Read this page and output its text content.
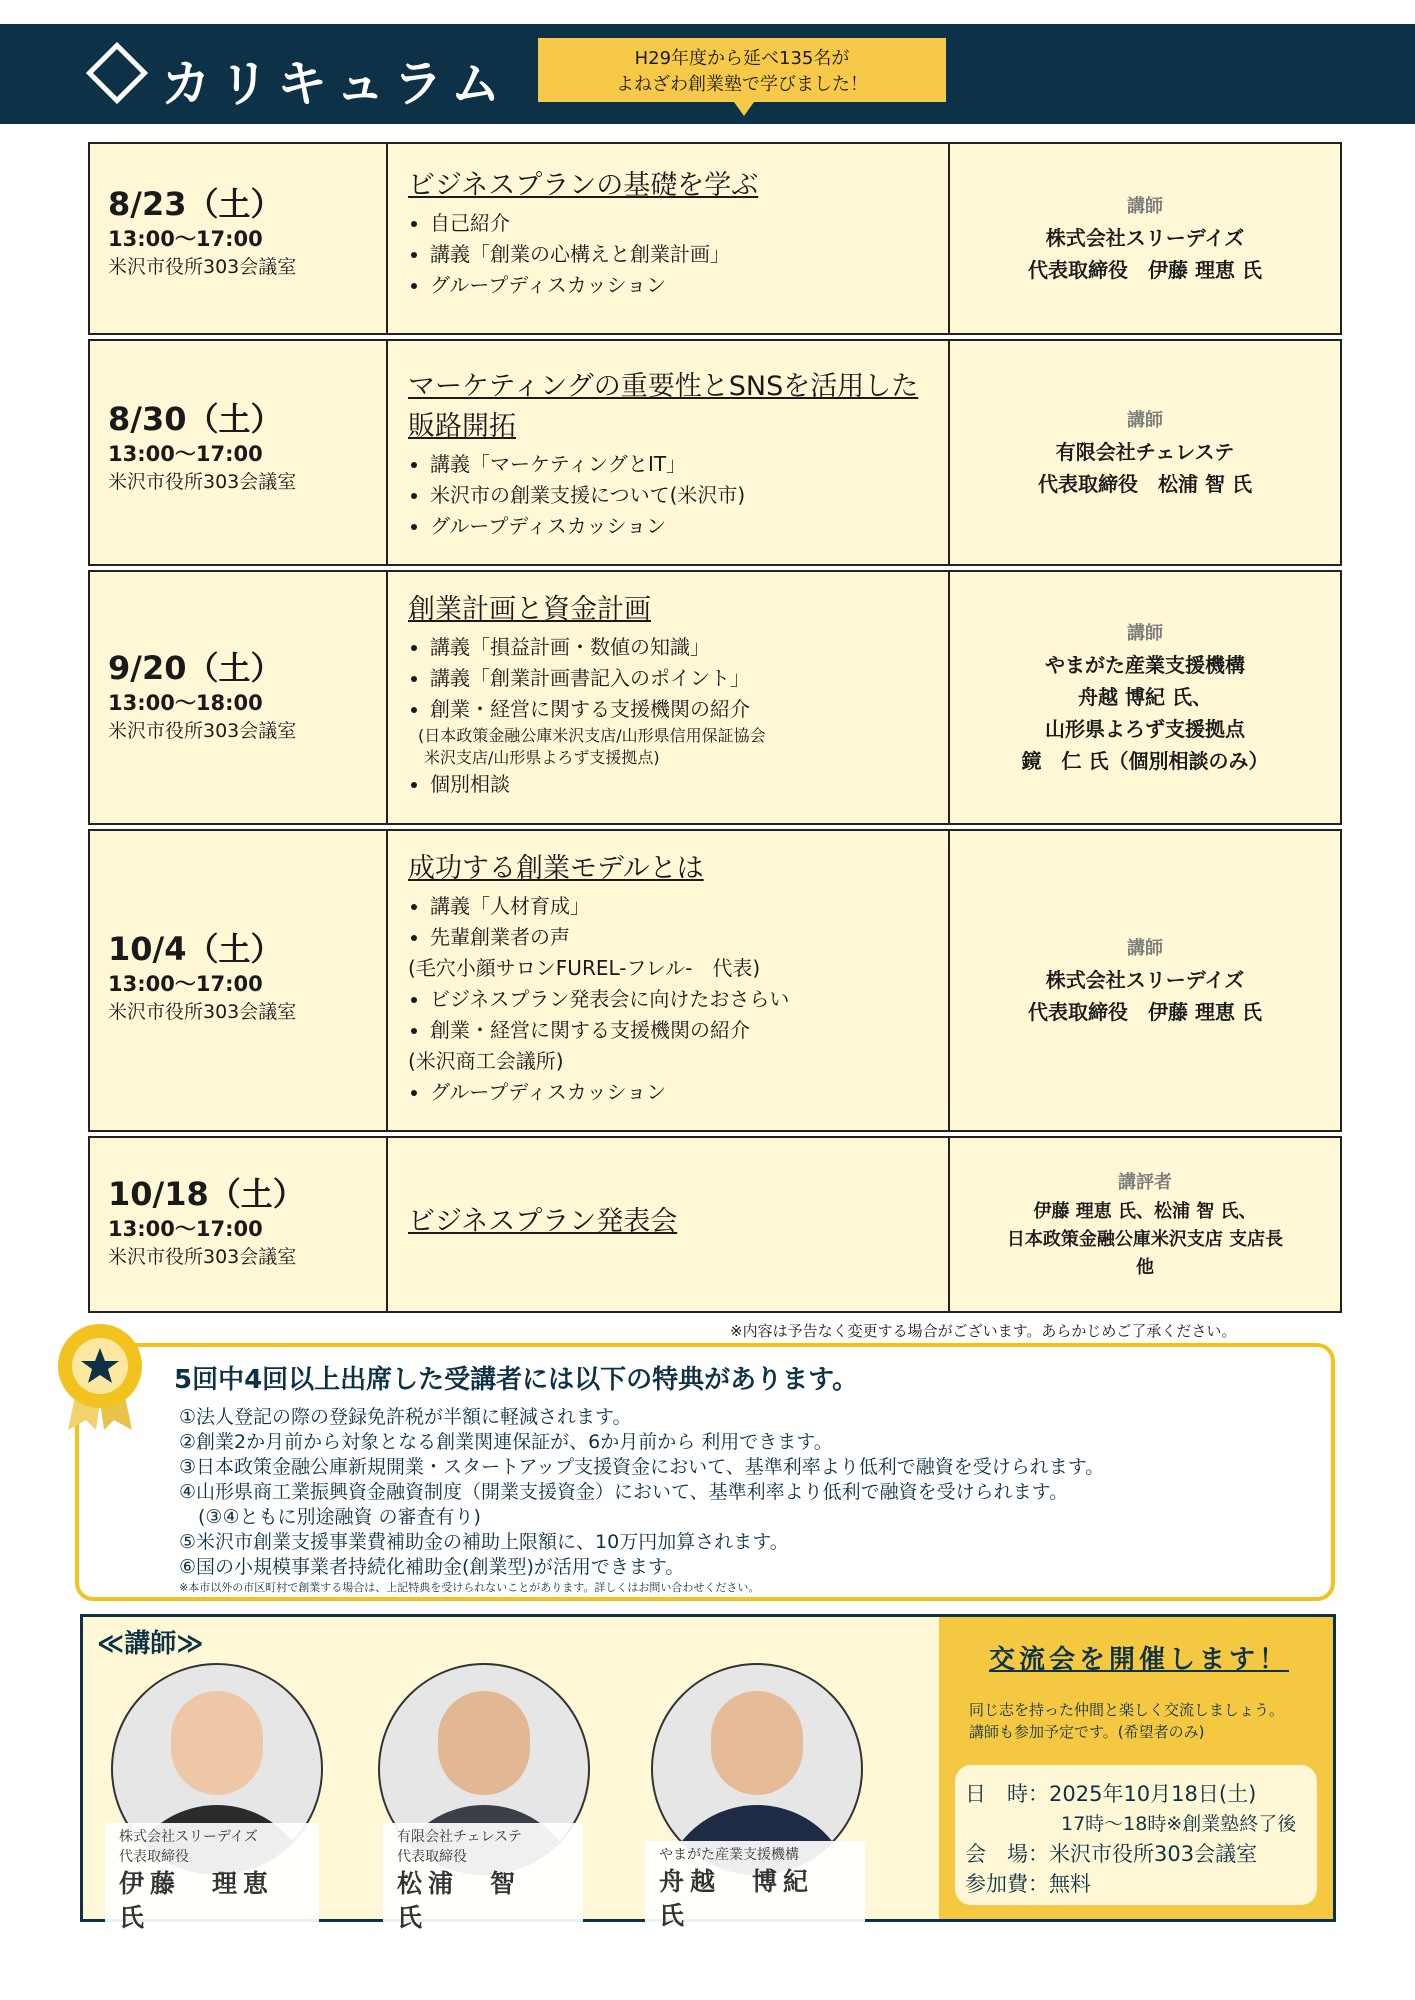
カリキュラム	H29年度から延べ135名が
よねざわ創業塾で学びました！
8/23（土）
13:00～17:00
米沢市役所303会議室
ビジネスプランの基礎を学ぶ
• 自己紹介
• 講義「創業の心構えと創業計画」
• グループディスカッション
講師
株式会社スリーデイズ
代表取締役　伊藤 理恵 氏
8/30（土）
13:00～17:00
米沢市役所303会議室
マーケティングの重要性とSNSを活用した販路開拓
• 講義「マーケティングとIT」
• 米沢市の創業支援について(米沢市)
• グループディスカッション
講師
有限会社チェレステ
代表取締役　松浦 智 氏
9/20（土）
13:00～18:00
米沢市役所303会議室
創業計画と資金計画
• 講義「損益計画・数値の知識」
• 講義「創業計画書記入のポイント」
• 創業・経営に関する支援機関の紹介
(日本政策金融公庫米沢支店/山形県信用保証協会
米沢支店/山形県よろず支援拠点)
• 個別相談
講師
やまがた産業支援機構
舟越 博紀 氏、
山形県よろず支援拠点
鏡　仁 氏（個別相談のみ）
10/4（土）
13:00～17:00
米沢市役所303会議室
成功する創業モデルとは
• 講義「人材育成」
• 先輩創業者の声
(毛穴小顔サロンFUREL-フレル-　代表)
• ビジネスプラン発表会に向けたおさらい
• 創業・経営に関する支援機関の紹介
(米沢商工会議所)
• グループディスカッション
講師
株式会社スリーデイズ
代表取締役　伊藤 理恵 氏
10/18（土）
13:00～17:00
米沢市役所303会議室
ビジネスプラン発表会
講評者
伊藤 理恵 氏、松浦 智 氏、
日本政策金融公庫米沢支店 支店長
他
※内容は予告なく変更する場合がございます。あらかじめご了承ください。
5回中4回以上出席した受講者には以下の特典があります。
①法人登記の際の登録免許税が半額に軽減されます。
②創業2か月前から対象となる創業関連保証が、6か月前から 利用できます。
③日本政策金融公庫新規開業・スタートアップ支援資金において、基準利率より低利で融資を受けられます。
④山形県商工業振興資金融資制度（開業支援資金）において、基準利率より低利で融資を受けられます。
　(③④ともに別途融資 の審査有り)
⑤米沢市創業支援事業費補助金の補助上限額に、10万円加算されます。
⑥国の小規模事業者持続化補助金(創業型)が活用できます。
※本市以外の市区町村で創業する場合は、上記特典を受けられないことがあります。詳しくはお問い合わせください。
≪講師≫
株式会社スリーデイズ
代表取締役
伊藤　理恵　氏
有限会社チェレステ
代表取締役
松浦　智　氏
やまがた産業支援機構
舟越　博紀　氏
交流会を開催します！
同じ志を持った仲間と楽しく交流しましょう。
講師も参加予定です。(希望者のみ)
日　時：2025年10月18日(土)
17時～18時※創業塾終了後
会　場：米沢市役所303会議室
参加費：無料
